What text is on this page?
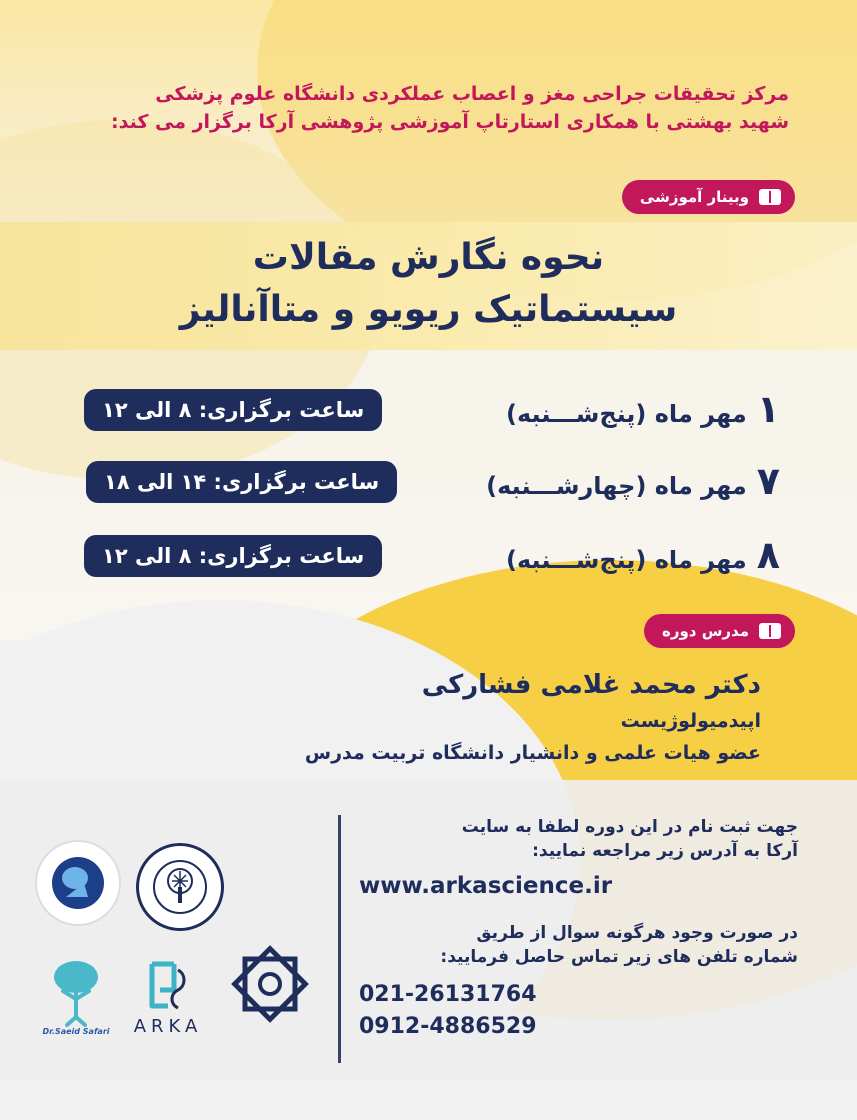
مرکز تحقیقات جراحی مغز و اعصاب عملکردی دانشگاه علوم پزشکی
شهید بهشتی با همکاری استارتاپ آموزشی پژوهشی آرکا برگزار می کند:
وبینار آموزشی
نحوه نگارش مقالات
سیستماتیک ریویو و متاآنالیز
۱مهر ماه (پنج‌شـــنبه)
ساعت برگزاری: ۸ الی ۱۲
۷مهر ماه (چهارشـــنبه)
ساعت برگزاری: ۱۴ الی ۱۸
۸مهر ماه (پنج‌شـــنبه)
ساعت برگزاری: ۸ الی ۱۲
مدرس دوره
دکتر محمد غلامی فشارکی
اپیدمیولوژیست
عضو هیات علمی و دانشیار دانشگاه تربیت مدرس
جهت ثبت نام در این دوره لطفا به سایت
آرکا به آدرس زیر مراجعه نمایید:
www.arkascience.ir
در صورت وجود هرگونه سوال از طریق
شماره تلفن های زیر تماس حاصل فرمایید:
021-26131764
0912-4886529
Dr.Saeid Safari ARKA
